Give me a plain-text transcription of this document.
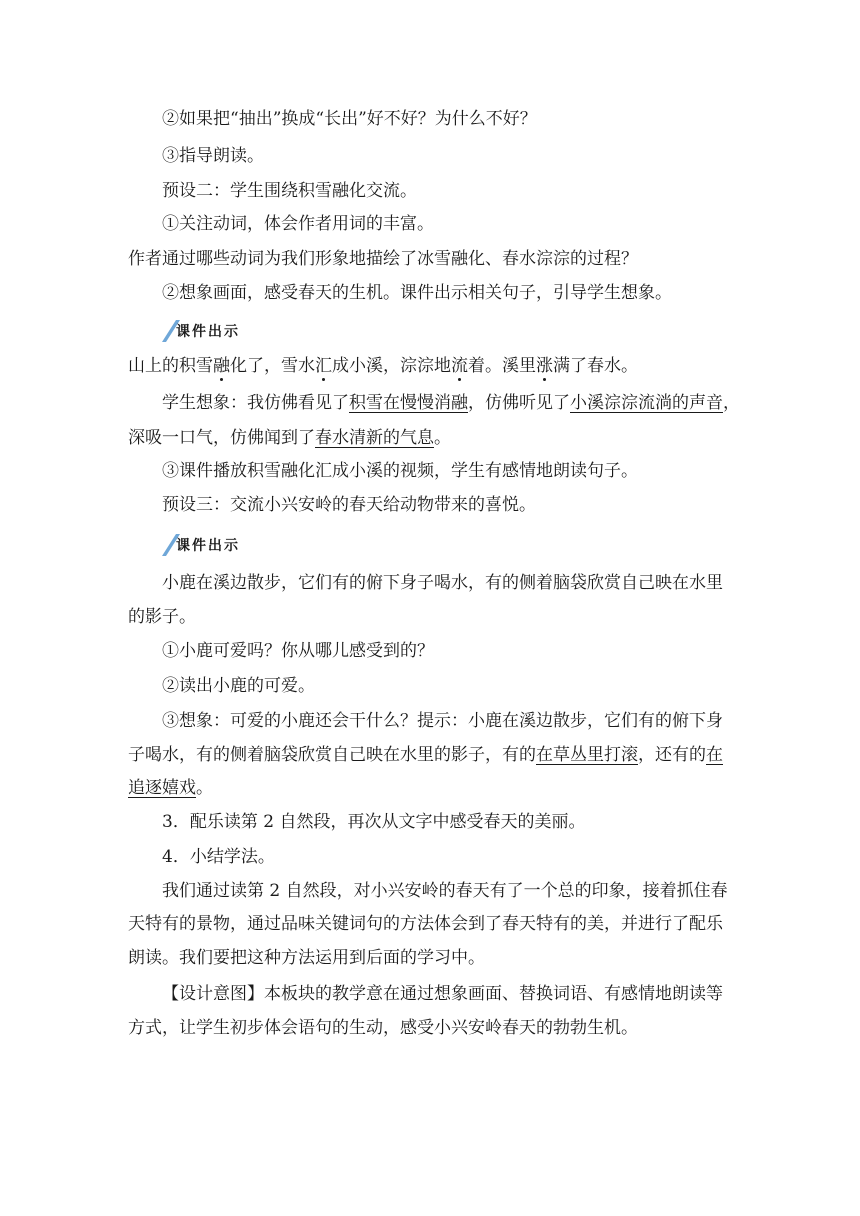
②如果把“抽出”换成“长出”好不好？为什么不好？
③指导朗读。
预设二：学生围绕积雪融化交流。
①关注动词，体会作者用词的丰富。
作者通过哪些动词为我们形象地描绘了冰雪融化、春水淙淙的过程？
②想象画面，感受春天的生机。课件出示相关句子，引导学生想象。
课件出示
山上的积雪融化了，雪水汇成小溪，淙淙地流着。溪里涨满了春水。
学生想象：我仿佛看见了积雪在慢慢消融，仿佛听见了小溪淙淙流淌的声音，
深吸一口气，仿佛闻到了春水清新的气息。
③课件播放积雪融化汇成小溪的视频，学生有感情地朗读句子。
预设三：交流小兴安岭的春天给动物带来的喜悦。
课件出示
小鹿在溪边散步，它们有的俯下身子喝水，有的侧着脑袋欣赏自己映在水里
的影子。
①小鹿可爱吗？你从哪儿感受到的？
②读出小鹿的可爱。
③想象：可爱的小鹿还会干什么？提示：小鹿在溪边散步，它们有的俯下身
子喝水，有的侧着脑袋欣赏自己映在水里的影子，有的在草丛里打滚，还有的在
追逐嬉戏。
3．配乐读第 2 自然段，再次从文字中感受春天的美丽。
4．小结学法。
我们通过读第 2 自然段，对小兴安岭的春天有了一个总的印象，接着抓住春
天特有的景物，通过品味关键词句的方法体会到了春天特有的美，并进行了配乐
朗读。我们要把这种方法运用到后面的学习中。
【设计意图】本板块的教学意在通过想象画面、替换词语、有感情地朗读等
方式，让学生初步体会语句的生动，感受小兴安岭春天的勃勃生机。
